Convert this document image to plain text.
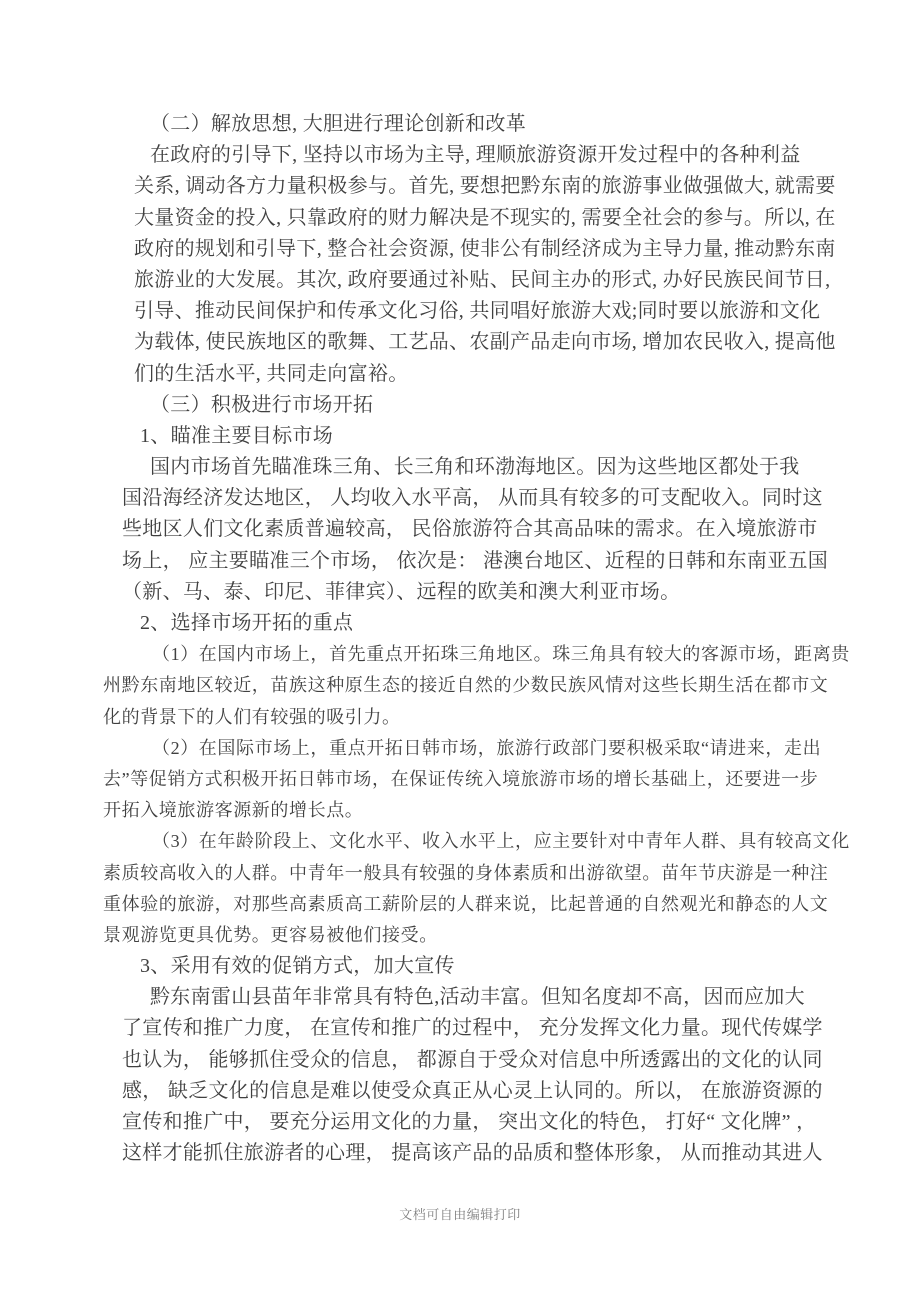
（二）解放思想, 大胆进行理论创新和改革
在政府的引导下, 坚持以市场为主导, 理顺旅游资源开发过程中的各种利益
关系, 调动各方力量积极参与。首先, 要想把黔东南的旅游事业做强做大, 就需要
大量资金的投入, 只靠政府的财力解决是不现实的, 需要全社会的参与。所以, 在
政府的规划和引导下, 整合社会资源, 使非公有制经济成为主导力量, 推动黔东南
旅游业的大发展。其次, 政府要通过补贴、民间主办的形式, 办好民族民间节日,
引导、推动民间保护和传承文化习俗, 共同唱好旅游大戏;同时要以旅游和文化
为载体, 使民族地区的歌舞、工艺品、农副产品走向市场, 增加农民收入, 提高他
们的生活水平, 共同走向富裕。
（三）积极进行市场开拓
1、瞄准主要目标市场
国内市场首先瞄准珠三角、长三角和环渤海地区。因为这些地区都处于我
国沿海经济发达地区， 人均收入水平高， 从而具有较多的可支配收入。同时这
些地区人们文化素质普遍较高， 民俗旅游符合其高品味的需求。在入境旅游市
场上， 应主要瞄准三个市场， 依次是： 港澳台地区、近程的日韩和东南亚五国
（新、马、泰、印尼、菲律宾）、远程的欧美和澳大利亚市场。
2、选择市场开拓的重点
（1）在国内市场上，首先重点开拓珠三角地区。珠三角具有较大的客源市场，距离贵
州黔东南地区较近，苗族这种原生态的接近自然的少数民族风情对这些长期生活在都市文
化的背景下的人们有较强的吸引力。
（2）在国际市场上，重点开拓日韩市场，旅游行政部门要积极采取“请进来，走出
去”等促销方式积极开拓日韩市场，在保证传统入境旅游市场的增长基础上，还要进一步
开拓入境旅游客源新的增长点。
（3）在年龄阶段上、文化水平、收入水平上，应主要针对中青年人群、具有较高文化
素质较高收入的人群。中青年一般具有较强的身体素质和出游欲望。苗年节庆游是一种注
重体验的旅游，对那些高素质高工薪阶层的人群来说，比起普通的自然观光和静态的人文
景观游览更具优势。更容易被他们接受。
3、采用有效的促销方式，加大宣传
黔东南雷山县苗年非常具有特色,活动丰富。但知名度却不高，因而应加大
了宣传和推广力度， 在宣传和推广的过程中， 充分发挥文化力量。现代传媒学
也认为， 能够抓住受众的信息， 都源自于受众对信息中所透露出的文化的认同
感， 缺乏文化的信息是难以使受众真正从心灵上认同的。所以， 在旅游资源的
宣传和推广中， 要充分运用文化的力量， 突出文化的特色， 打好“ 文化牌” ，
这样才能抓住旅游者的心理， 提高该产品的品质和整体形象， 从而推动其进人
文档可自由编辑打印
